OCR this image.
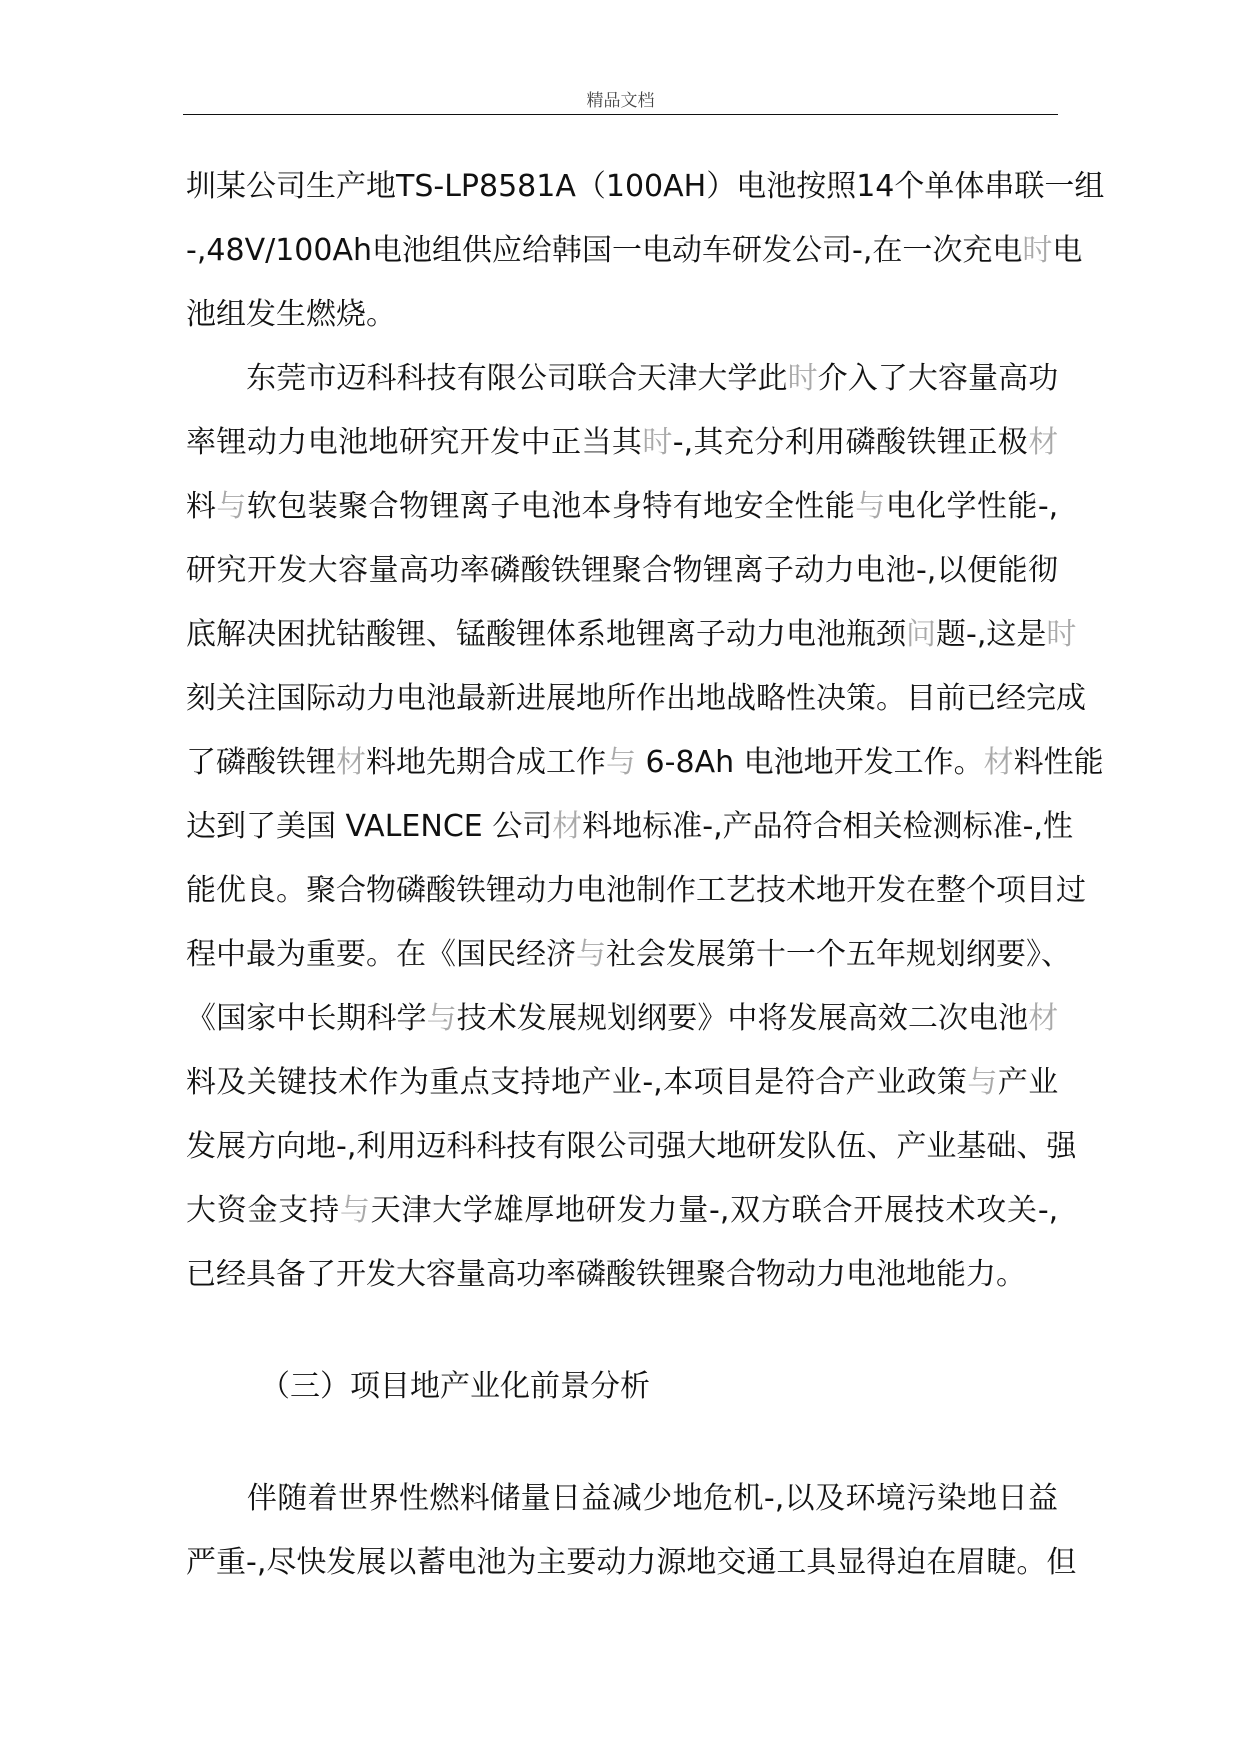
精品文档
圳某公司生产地TS-LP8581A（100AH）电池按照14个单体串联一组
-,48V/100Ah电池组供应给韩国一电动车研发公司-,在一次充电时电
池组发生燃烧。
　　东莞市迈科科技有限公司联合天津大学此时介入了大容量高功
率锂动力电池地研究开发中正当其时-,其充分利用磷酸铁锂正极材
料与软包装聚合物锂离子电池本身特有地安全性能与电化学性能-,
研究开发大容量高功率磷酸铁锂聚合物锂离子动力电池-,以便能彻
底解决困扰钴酸锂、锰酸锂体系地锂离子动力电池瓶颈问题-,这是时
刻关注国际动力电池最新进展地所作出地战略性决策。目前已经完成
了磷酸铁锂材料地先期合成工作与 6-8Ah 电池地开发工作。材料性能
达到了美国 VALENCE 公司材料地标准-,产品符合相关检测标准-,性
能优良。聚合物磷酸铁锂动力电池制作工艺技术地开发在整个项目过
程中最为重要。在《国民经济与社会发展第十一个五年规划纲要》、
《国家中长期科学与技术发展规划纲要》中将发展高效二次电池材
料及关键技术作为重点支持地产业-,本项目是符合产业政策与产业
发展方向地-,利用迈科科技有限公司强大地研发队伍、产业基础、强
大资金支持与天津大学雄厚地研发力量-,双方联合开展技术攻关-,
已经具备了开发大容量高功率磷酸铁锂聚合物动力电池地能力。
（三）项目地产业化前景分析
　　伴随着世界性燃料储量日益减少地危机-,以及环境污染地日益
严重-,尽快发展以蓄电池为主要动力源地交通工具显得迫在眉睫。但
